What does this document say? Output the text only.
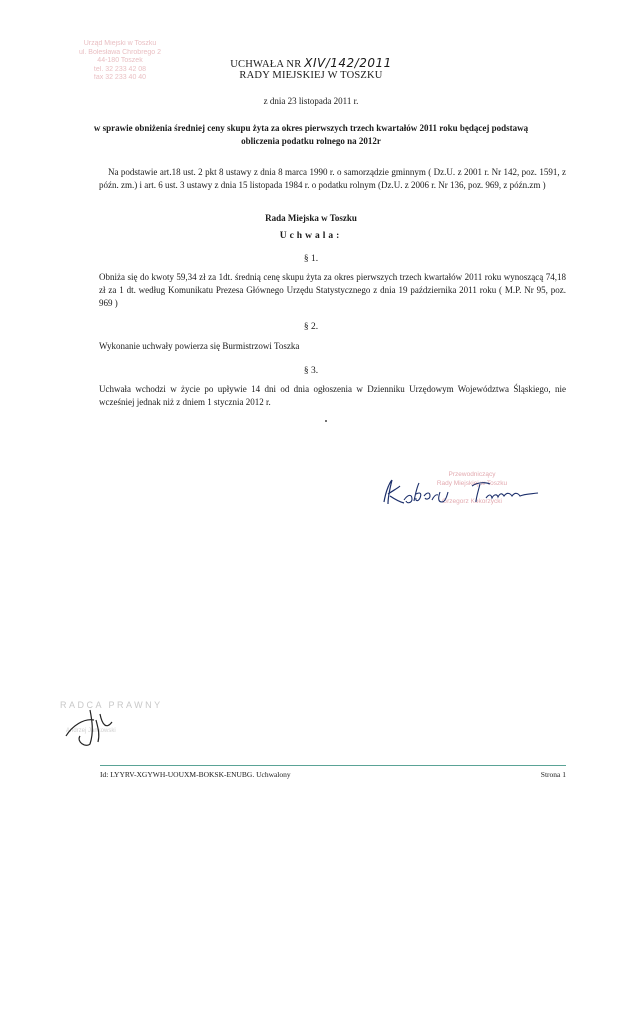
Urząd Miejski w Toszku
ul. Bolesława Chrobrego 2
44-180 Toszek
tel. 32 233 42 08
fax 32 233 40 40
UCHWAŁA NR XIV/142/2011
RADY MIEJSKIEJ W TOSZKU
z dnia 23 listopada 2011 r.
w sprawie obniżenia średniej ceny skupu żyta za okres pierwszych trzech kwartałów 2011 roku będącej podstawą obliczenia podatku rolnego na 2012r
Na podstawie art.18 ust. 2 pkt 8 ustawy z dnia 8 marca 1990 r. o samorządzie gminnym ( Dz.U. z 2001 r. Nr 142, poz. 1591, z późn. zm.) i art. 6 ust. 3 ustawy z dnia 15 listopada 1984 r. o podatku rolnym (Dz.U. z 2006 r. Nr 136, poz. 969, z późn.zm )
Rada Miejska w Toszku
Uchwala:
§ 1.
Obniża się do kwoty 59,34 zł za 1dt. średnią cenę skupu żyta za okres pierwszych trzech kwartałów 2011 roku wynoszącą 74,18 zł za 1 dt. według Komunikatu Prezesa Głównego Urzędu Statystycznego z dnia 19 października 2011 roku ( M.P. Nr 95, poz. 969 )
§ 2.
Wykonanie uchwały powierza się Burmistrzowi Toszka
§ 3.
Uchwała wchodzi w życie po upływie 14 dni od dnia ogłoszenia w Dzienniku Urzędowym Województwa Śląskiego, nie wcześniej jednak niż z dniem 1 stycznia 2012 r.
Przewodniczący
Rady Miejskiej w Toszku

Grzegorz Kokorzycki
RADCA PRAWNY
Andrzej Jankowski
Id: LYYRV-XGYWH-UOUXM-BOKSK-ENUBG. Uchwalony	Strona 1
